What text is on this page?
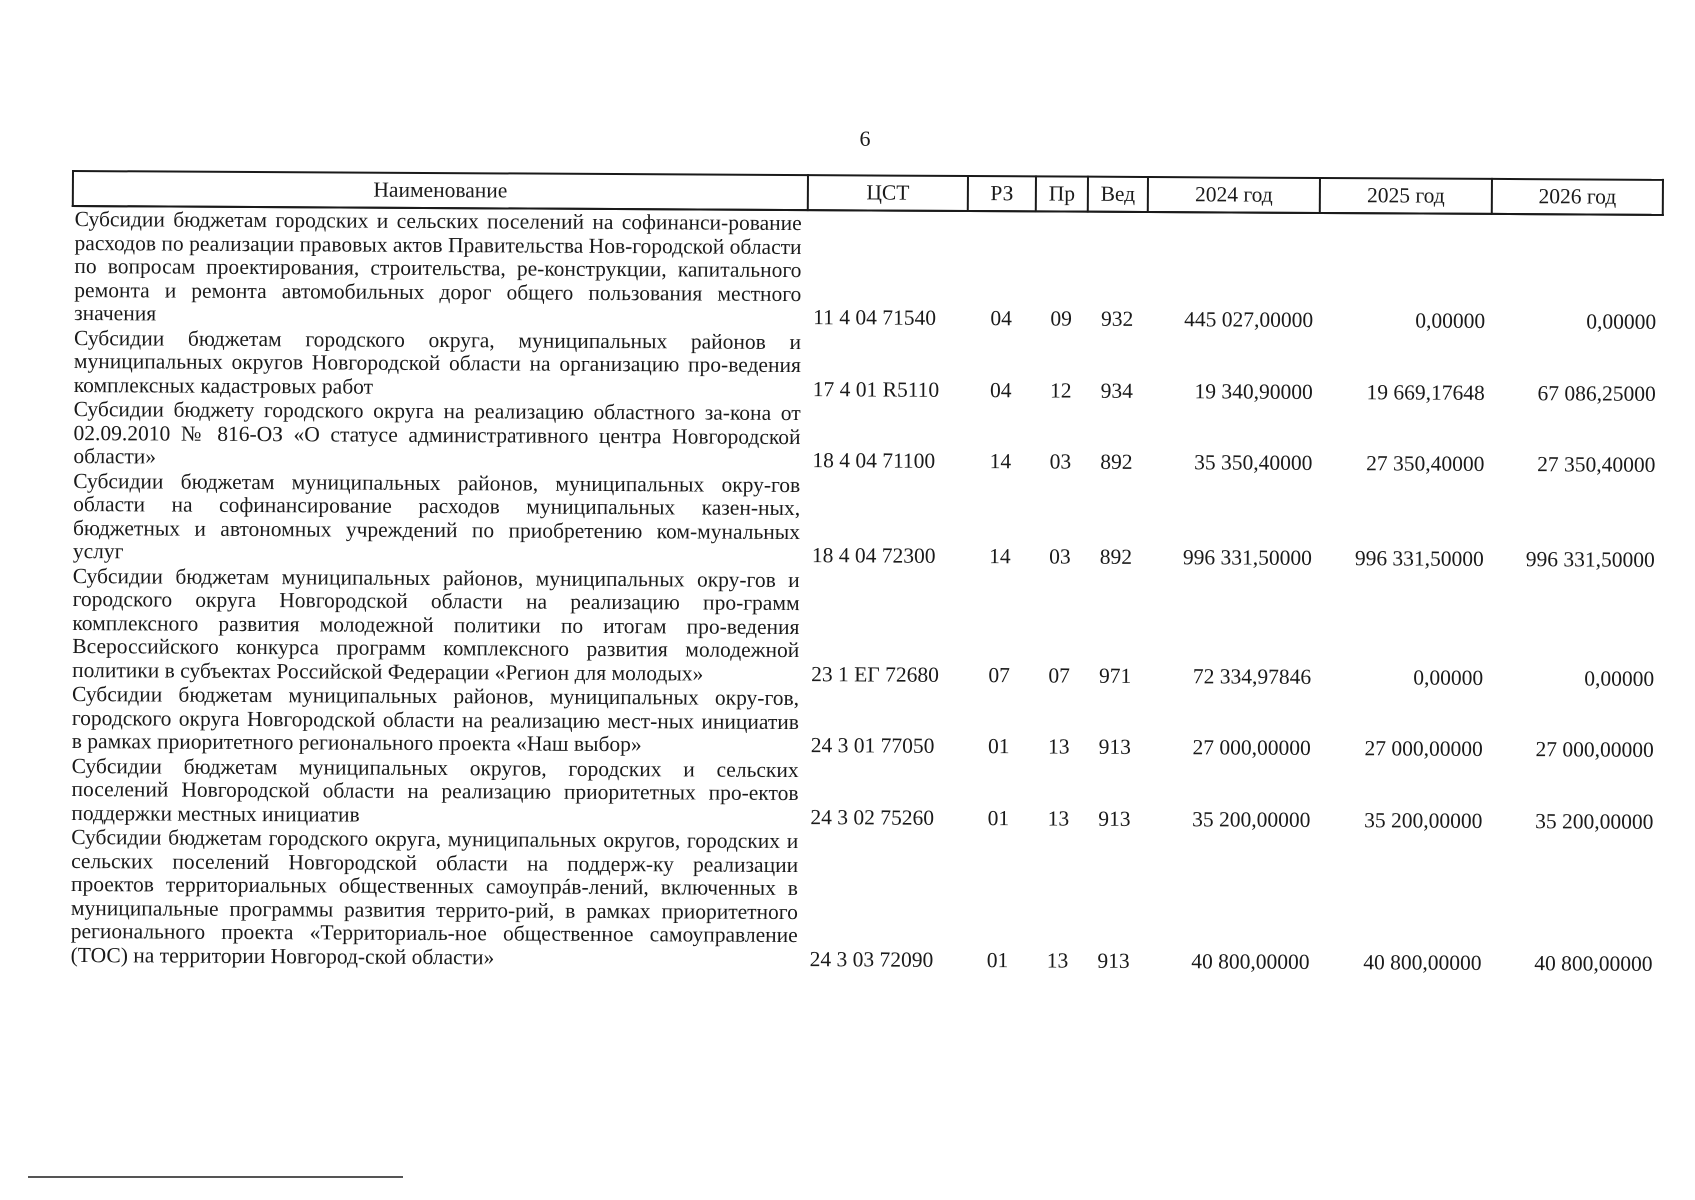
6
Наименование	ЦСТ	РЗ	Пр	Вед	2024 год	2025 год	2026 год
Субсидии бюджетам городских и сельских поселений на софинанси-рование расходов по реализации правовых актов Правительства Нов-городской области по вопросам проектирования, строительства, ре-конструкции, капитального ремонта и ремонта автомобильных дорог общего пользования местного значения	11 4 04 71540	04	09	932	445 027,00000	0,00000	0,00000
Субсидии бюджетам городского округа, муниципальных районов и муниципальных округов Новгородской области на организацию про-ведения комплексных кадастровых работ	17 4 01 R5110	04	12	934	19 340,90000	19 669,17648	67 086,25000
Субсидии бюджету городского округа на реализацию областного за-кона от 02.09.2010 № 816-ОЗ «О статусе административного центра Новгородской области»	18 4 04 71100	14	03	892	35 350,40000	27 350,40000	27 350,40000
Субсидии бюджетам муниципальных районов, муниципальных окру-гов области на софинансирование расходов муниципальных казен-ных, бюджетных и автономных учреждений по приобретению ком-мунальных услуг	18 4 04 72300	14	03	892	996 331,50000	996 331,50000	996 331,50000
Субсидии бюджетам муниципальных районов, муниципальных окру-гов и городского округа Новгородской области на реализацию про-грамм комплексного развития молодежной политики по итогам про-ведения Всероссийского конкурса программ комплексного развития молодежной политики в субъектах Российской Федерации «Регион для молодых»	23 1 ЕГ 72680	07	07	971	72 334,97846	0,00000	0,00000
Субсидии бюджетам муниципальных районов, муниципальных окру-гов, городского округа Новгородской области на реализацию мест-ных инициатив в рамках приоритетного регионального проекта «Наш выбор»	24 3 01 77050	01	13	913	27 000,00000	27 000,00000	27 000,00000
Субсидии бюджетам муниципальных округов, городских и сельских поселений Новгородской области на реализацию приоритетных про-ектов поддержки местных инициатив	24 3 02 75260	01	13	913	35 200,00000	35 200,00000	35 200,00000
Субсидии бюджетам городского округа, муниципальных округов, городских и сельских поселений Новгородской области на поддерж-ку реализации проектов территориальных общественных самоупрáв-лений, включенных в муниципальные программы развития террито-рий, в рамках приоритетного регионального проекта «Территориаль-ное общественное самоуправление (ТОС) на территории Новгород-ской области»	24 3 03 72090	01	13	913	40 800,00000	40 800,00000	40 800,00000
